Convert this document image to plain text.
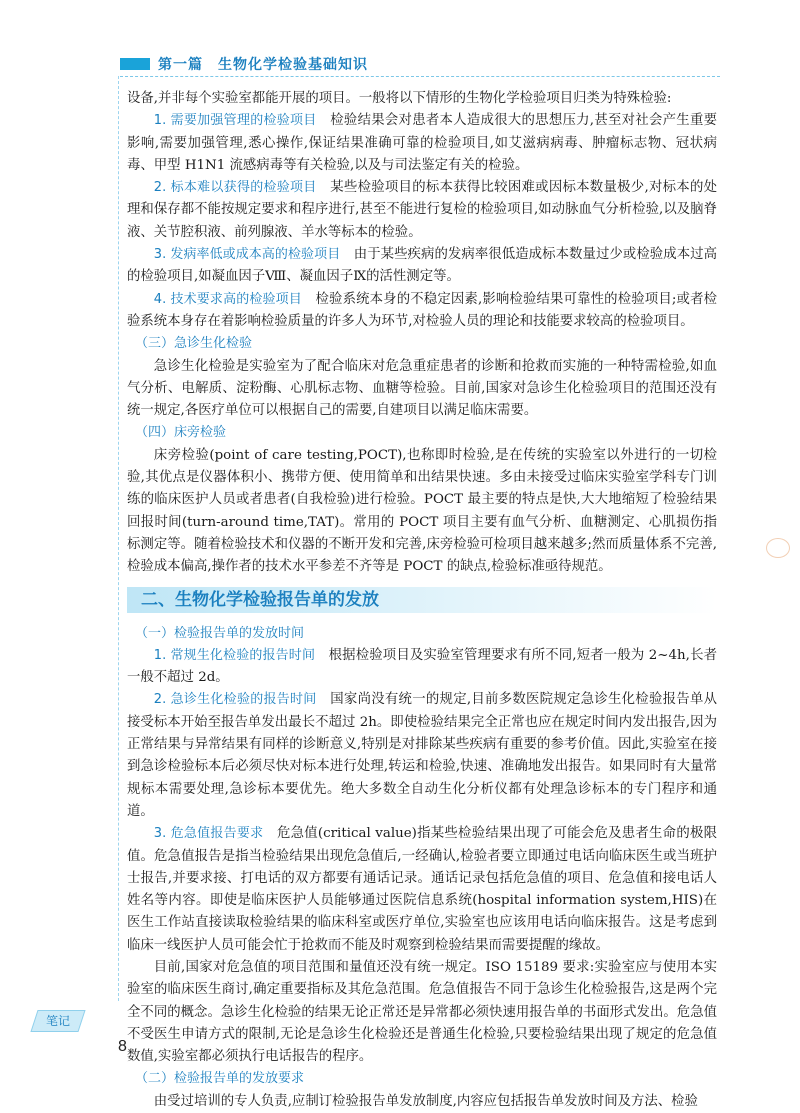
第一篇　生物化学检验基础知识

设备,并非每个实验室都能开展的项目。一般将以下情形的生物化学检验项目归类为特殊检验:

1. 需要加强管理的检验项目　 检验结果会对患者本人造成很大的思想压力,甚至对社会产生重要影响,需要加强管理,悉心操作,保证结果准确可靠的检验项目,如艾滋病病毒、肿瘤标志物、冠状病毒、甲型 H1N1 流感病毒等有关检验,以及与司法鉴定有关的检验。

2. 标本难以获得的检验项目　 某些检验项目的标本获得比较困难或因标本数量极少,对标本的处理和保存都不能按规定要求和程序进行,甚至不能进行复检的检验项目,如动脉血气分析检验,以及脑脊液、关节腔积液、前列腺液、羊水等标本的检验。

3. 发病率低或成本高的检验项目　 由于某些疾病的发病率很低造成标本数量过少或检验成本过高的检验项目,如凝血因子Ⅷ、凝血因子Ⅸ的活性测定等。

4. 技术要求高的检验项目　 检验系统本身的不稳定因素,影响检验结果可靠性的检验项目;或者检验系统本身存在着影响检验质量的许多人为环节,对检验人员的理论和技能要求较高的检验项目。

（三）急诊生化检验

急诊生化检验是实验室为了配合临床对危急重症患者的诊断和抢救而实施的一种特需检验,如血气分析、电解质、淀粉酶、心肌标志物、血糖等检验。目前,国家对急诊生化检验项目的范围还没有统一规定,各医疗单位可以根据自己的需要,自建项目以满足临床需要。

（四）床旁检验

床旁检验(point of care testing,POCT),也称即时检验,是在传统的实验室以外进行的一切检验,其优点是仪器体积小、携带方便、使用简单和出结果快速。多由未接受过临床实验室学科专门训练的临床医护人员或者患者(自我检验)进行检验。POCT 最主要的特点是快,大大地缩短了检验结果回报时间(turn-around time,TAT)。常用的 POCT 项目主要有血气分析、血糖测定、心肌损伤指标测定等。随着检验技术和仪器的不断开发和完善,床旁检验可检项目越来越多;然而质量体系不完善,检验成本偏高,操作者的技术水平参差不齐等是 POCT 的缺点,检验标准亟待规范。

二、生物化学检验报告单的发放

（一）检验报告单的发放时间

1. 常规生化检验的报告时间　 根据检验项目及实验室管理要求有所不同,短者一般为 2~4h,长者一般不超过 2d。

2. 急诊生化检验的报告时间　 国家尚没有统一的规定,目前多数医院规定急诊生化检验报告单从接受标本开始至报告单发出最长不超过 2h。即使检验结果完全正常也应在规定时间内发出报告,因为正常结果与异常结果有同样的诊断意义,特别是对排除某些疾病有重要的参考价值。因此,实验室在接到急诊检验标本后必须尽快对标本进行处理,转运和检验,快速、准确地发出报告。如果同时有大量常规标本需要处理,急诊标本要优先。绝大多数全自动生化分析仪都有处理急诊标本的专门程序和通道。

3. 危急值报告要求　 危急值(critical value)指某些检验结果出现了可能会危及患者生命的极限值。危急值报告是指当检验结果出现危急值后,一经确认,检验者要立即通过电话向临床医生或当班护士报告,并要求接、打电话的双方都要有通话记录。通话记录包括危急值的项目、危急值和接电话人姓名等内容。即使是临床医护人员能够通过医院信息系统(hospital information system,HIS)在医生工作站直接读取检验结果的临床科室或医疗单位,实验室也应该用电话向临床报告。这是考虑到临床一线医护人员可能会忙于抢救而不能及时观察到检验结果而需要提醒的缘故。

目前,国家对危急值的项目范围和量值还没有统一规定。ISO 15189 要求:实验室应与使用本实验室的临床医生商讨,确定重要指标及其危急范围。危急值报告不同于急诊生化检验报告,这是两个完全不同的概念。急诊生化检验的结果无论正常还是异常都必须快速用报告单的书面形式发出。危急值不受医生申请方式的限制,无论是急诊生化检验还是普通生化检验,只要检验结果出现了规定的危急值数值,实验室都必须执行电话报告的程序。

（二）检验报告单的发放要求

由受过培训的专人负责,应制订检验报告单发放制度,内容应包括报告单发放时间及方法、检验

笔记
8
